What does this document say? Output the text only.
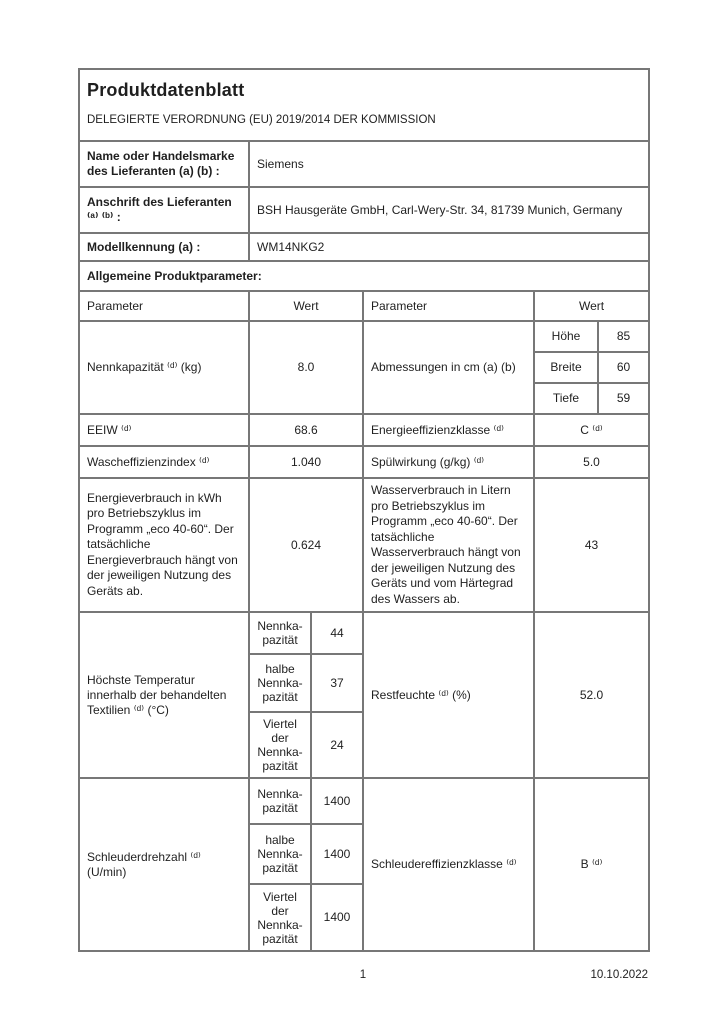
Produktdatenblatt
DELEGIERTE VERORDNUNG (EU) 2019/2014 DER KOMMISSION					

Name oder Handelsmarke des Lieferanten (a) (b) :	Siemens				
Anschrift des Lieferanten ⁽ᵃ⁾ ⁽ᵇ⁾ :	BSH Hausgeräte GmbH, Carl-Wery-Str. 34, 81739 Munich, Germany				
Modellkennung (a) :	WM14NKG2				
Allgemeine Produktparameter:					
Parameter	Wert		Parameter	Wert	
Nennkapazität ⁽ᵈ⁾ (kg)	8.0		Abmessungen in cm (a) (b)	Höhe	85
				Breite	60
				Tiefe	59
EEIW ⁽ᵈ⁾	68.6		Energieeffizienzklasse ⁽ᵈ⁾	C ⁽ᵈ⁾	
Wascheffizienzindex ⁽ᵈ⁾	1.040		Spülwirkung (g/kg) ⁽ᵈ⁾	5.0	
Energieverbrauch in kWh pro Betriebszyklus im Programm „eco 40-60“. Der tatsächliche Energieverbrauch hängt von der jeweiligen Nutzung des Geräts ab.	0.624		Wasserverbrauch in Litern pro Betriebszyklus im Programm „eco 40-60“. Der tatsächliche Wasserverbrauch hängt von der jeweiligen Nutzung des Geräts und vom Härtegrad des Wassers ab.	43	
Höchste Temperatur innerhalb der behandelten Textilien ⁽ᵈ⁾ (°C)	Nennka-pazität	44	Restfeuchte ⁽ᵈ⁾ (%)	52.0	
	halbe Nennka-pazität	37			
	Viertel der Nennka-pazität	24			
Schleuderdrehzahl ⁽ᵈ⁾ (U/min)	Nennka-pazität	1400	Schleudereffizienzklasse ⁽ᵈ⁾	B ⁽ᵈ⁾	
	halbe Nennka-pazität	1400			
	Viertel der Nennka-pazität	1400			
1	10.10.2022
